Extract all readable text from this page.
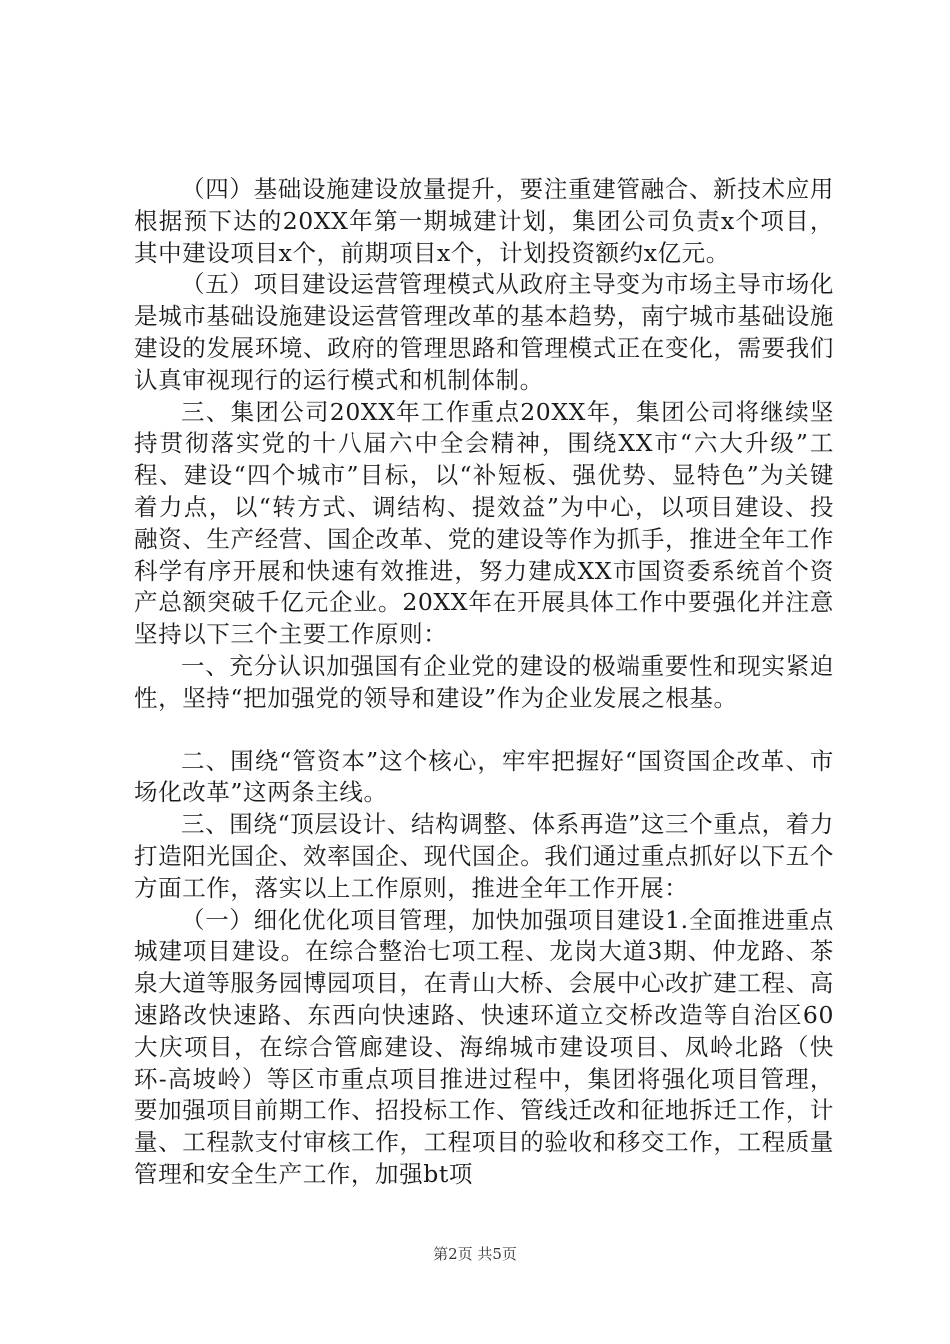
（四）基础设施建设放量提升，要注重建管融合、新技术应用根据预下达的20XX年第一期城建计划，集团公司负责x个项目，其中建设项目x个，前期项目x个，计划投资额约x亿元。

（五）项目建设运营管理模式从政府主导变为市场主导市场化是城市基础设施建设运营管理改革的基本趋势，南宁城市基础设施建设的发展环境、政府的管理思路和管理模式正在变化，需要我们认真审视现行的运行模式和机制体制。

三、集团公司20XX年工作重点20XX年，集团公司将继续坚持贯彻落实党的十八届六中全会精神，围绕XX市“六大升级”工程、建设“四个城市”目标，以“补短板、强优势、显特色”为关键着力点，以“转方式、调结构、提效益”为中心，以项目建设、投融资、生产经营、国企改革、党的建设等作为抓手，推进全年工作科学有序开展和快速有效推进，努力建成XX市国资委系统首个资产总额突破千亿元企业。20XX年在开展具体工作中要强化并注意坚持以下三个主要工作原则：

一、充分认识加强国有企业党的建设的极端重要性和现实紧迫性，坚持“把加强党的领导和建设”作为企业发展之根基。

二、围绕“管资本”这个核心，牢牢把握好“国资国企改革、市场化改革”这两条主线。

三、围绕“顶层设计、结构调整、体系再造”这三个重点，着力打造阳光国企、效率国企、现代国企。我们通过重点抓好以下五个方面工作，落实以上工作原则，推进全年工作开展：

（一）细化优化项目管理，加快加强项目建设1.全面推进重点城建项目建设。在综合整治七项工程、龙岗大道3期、仲龙路、茶泉大道等服务园博园项目，在青山大桥、会展中心改扩建工程、高速路改快速路、东西向快速路、快速环道立交桥改造等自治区60大庆项目，在综合管廊建设、海绵城市建设项目、凤岭北路（快环-高坡岭）等区市重点项目推进过程中，集团将强化项目管理，要加强项目前期工作、招投标工作、管线迁改和征地拆迁工作，计量、工程款支付审核工作，工程项目的验收和移交工作，工程质量管理和安全生产工作，加强bt项

第2页 共5页
